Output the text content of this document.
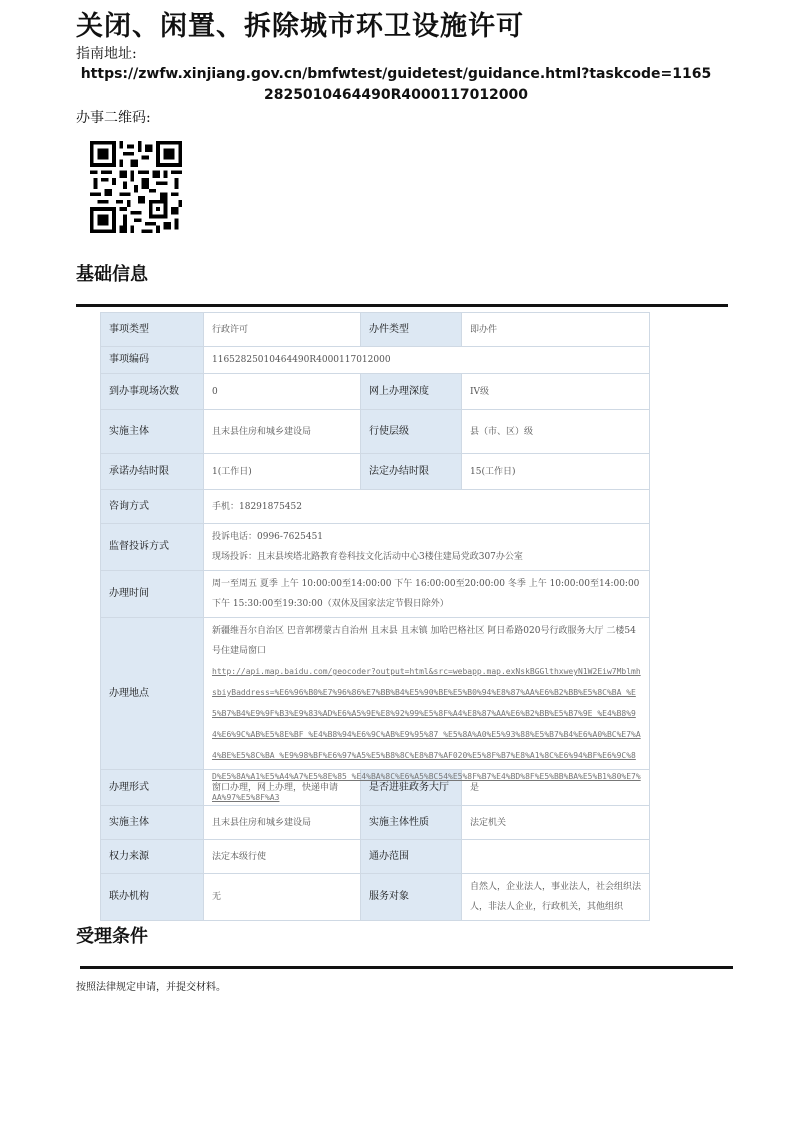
关闭、闲置、拆除城市环卫设施许可
指南地址:
https://zwfw.xinjiang.gov.cn/bmfwtest/guidetest/guidance.html?taskcode=11652825010464490R4000117012000
办事二维码:
基础信息
事项类型	行政许可	办件类型	即办件
事项编码	11652825010464490R4000117012000		
到办事现场次数	0	网上办理深度	IV级
实施主体	且末县住房和城乡建设局	行使层级	县（市、区）级
承诺办结时限	1(工作日)	法定办结时限	15(工作日)
咨询方式	手机：18291875452		
监督投诉方式	投诉电话：0996-7625451
现场投诉：且末县埃塔北路教育卷科技文化活动中心3楼住建局党政307办公室		

办理时间	周一至周五 夏季 上午 10:00:00至14:00:00 下午 16:00:00至20:00:00 冬季 上午 10:00:00至14:00:00 下午 15:30:00至19:30:00（双休及国家法定节假日除外）		
办理地点	新疆维吾尔自治区 巴音郭楞蒙古自治州 且末县 且末镇 加哈巴格社区 阿日希路020号行政服务大厅 二楼54号住建局窗口
http://api.map.baidu.com/geocoder?output=html&src=webapp.map.exNskBGGlthxweyN1W2Eiw7MblmhsbiyBaddress=%E6%96%B0%E7%96%86%E7%BB%B4%E5%90%BE%E5%B0%94%E8%87%AA%E6%B2%BB%E5%8C%BA %E5%B7%B4%E9%9F%B3%E9%83%AD%E6%A5%9E%E8%92%99%E5%8F%A4%E8%87%AA%E6%B2%BB%E5%B7%9E %E4%B8%94%E6%9C%AB%E5%8E%BF %E4%B8%94%E6%9C%AB%E9%95%87 %E5%8A%A0%E5%93%88%E5%B7%B4%E6%A0%BC%E7%A4%BE%E5%8C%BA %E9%98%BF%E6%97%A5%E5%B8%8C%E8%B7%AF020%E5%8F%B7%E8%A1%8C%E6%94%BF%E6%9C%8D%E5%8A%A1%E5%A4%A7%E5%8E%85 %E4%BA%8C%E6%A5%BC54%E5%8F%B7%E4%BD%8F%E5%BB%BA%E5%B1%80%E7%AA%97%E5%8F%A3		

办理形式	窗口办理，网上办理，快递申请	是否进驻政务大厅	是
实施主体	且末县住房和城乡建设局	实施主体性质	法定机关
权力来源	法定本级行使	通办范围	
联办机构	无	服务对象	自然人，企业法人，事业法人，社会组织法人，非法人企业，行政机关，其他组织
受理条件
按照法律规定申请，并提交材料。
